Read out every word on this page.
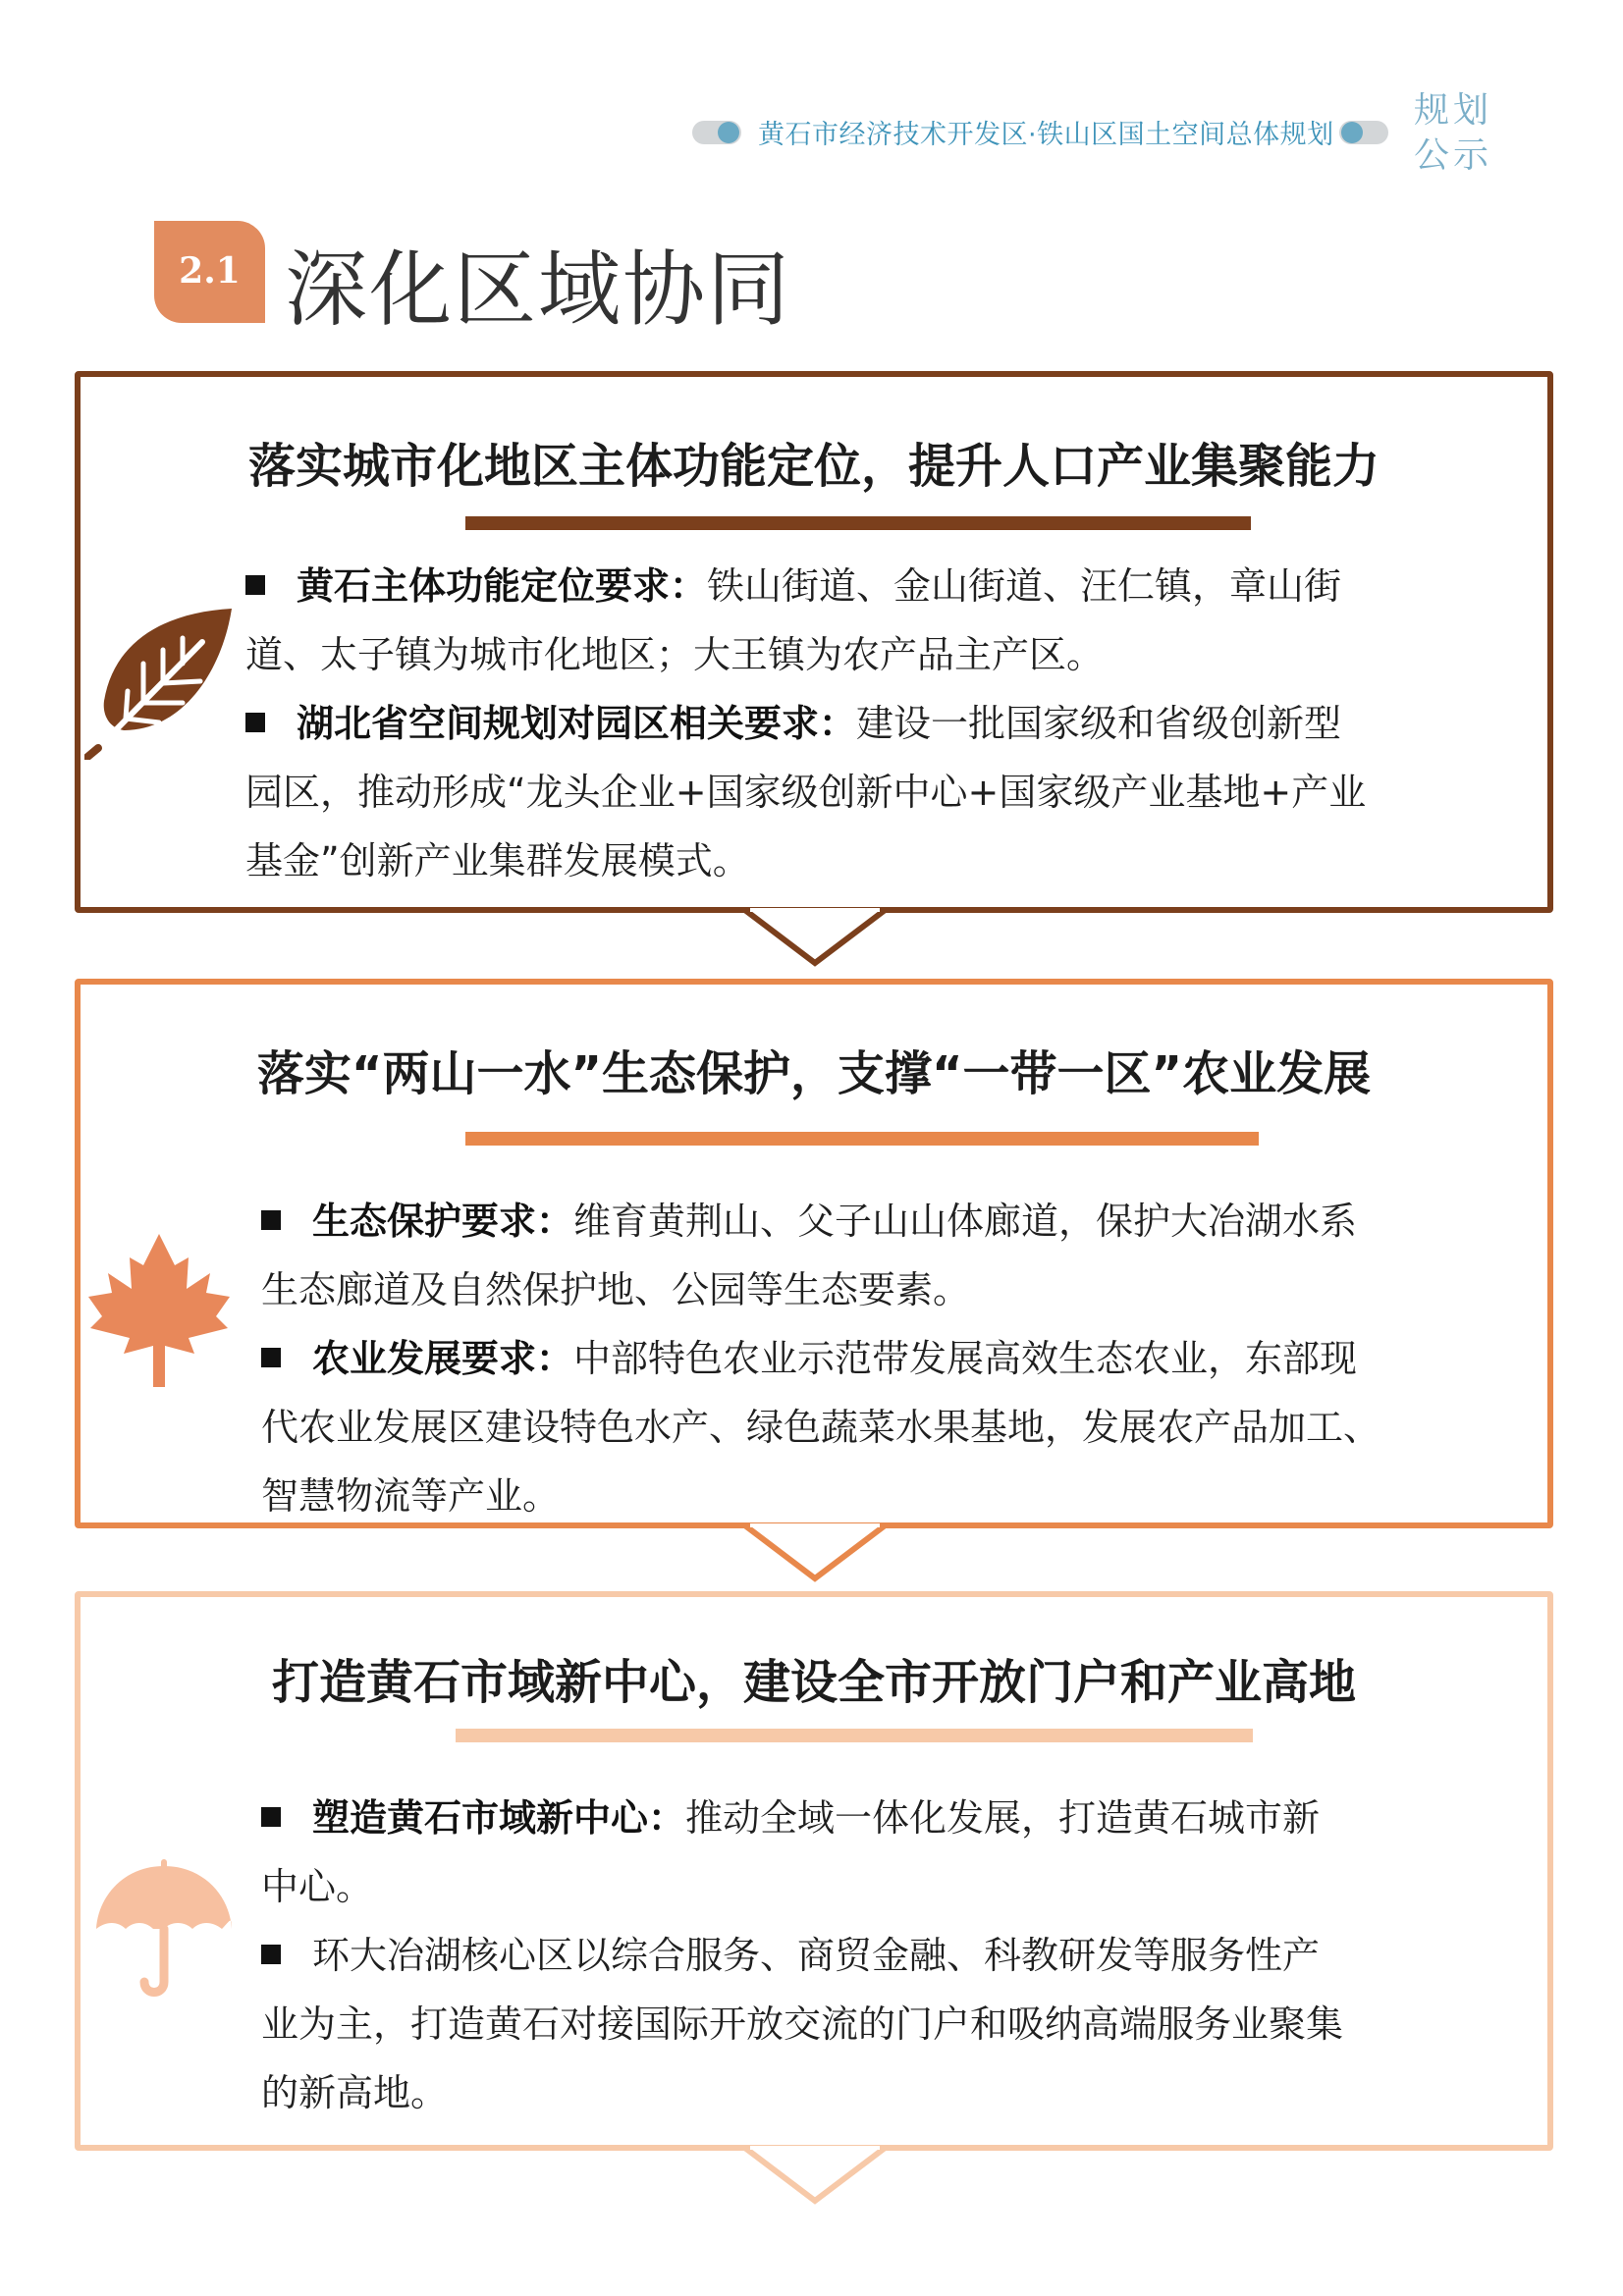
黄石市经济技术开发区·铁山区国土空间总体规划
规划
公示
2.1 深化区域协同
落实城市化地区主体功能定位，提升人口产业集聚能力
黄石主体功能定位要求：铁山街道、金山街道、汪仁镇，章山街
道、太子镇为城市化地区；大王镇为农产品主产区。
湖北省空间规划对园区相关要求：建设一批国家级和省级创新型
园区，推动形成“龙头企业+国家级创新中心+国家级产业基地+产业
基金”创新产业集群发展模式。
落实“两山一水”生态保护，支撑“一带一区”农业发展
生态保护要求：维育黄荆山、父子山山体廊道，保护大冶湖水系
生态廊道及自然保护地、公园等生态要素。
农业发展要求：中部特色农业示范带发展高效生态农业，东部现
代农业发展区建设特色水产、绿色蔬菜水果基地，发展农产品加工、
智慧物流等产业。
打造黄石市域新中心，建设全市开放门户和产业高地
塑造黄石市域新中心：推动全域一体化发展，打造黄石城市新
中心。
环大冶湖核心区以综合服务、商贸金融、科教研发等服务性产
业为主，打造黄石对接国际开放交流的门户和吸纳高端服务业聚集
的新高地。
